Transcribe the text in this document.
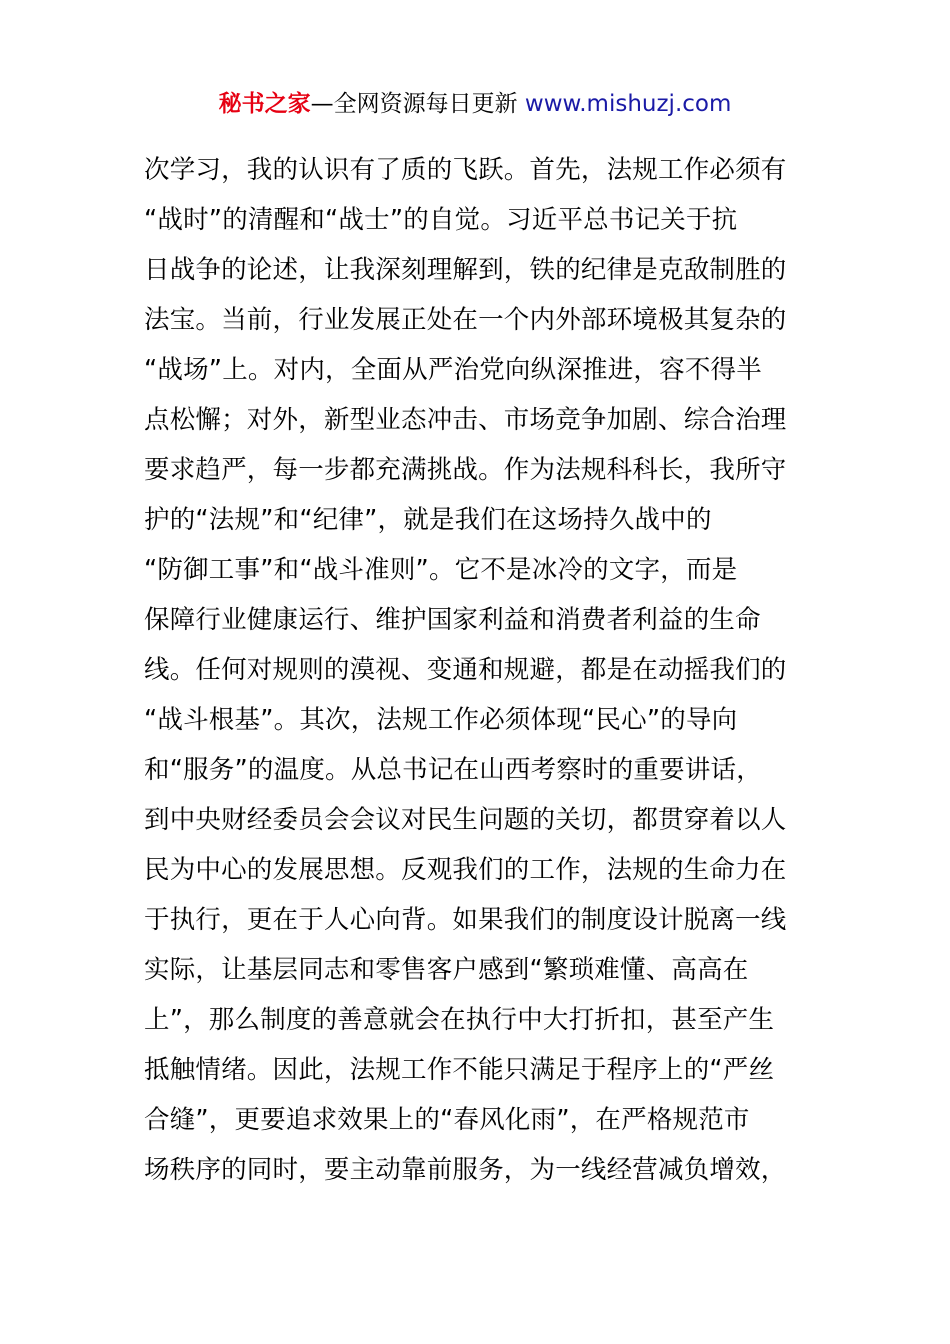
秘书之家—全网资源每日更新 www.mishuzj.com
次学习，我的认识有了质的飞跃。首先，法规工作必须有
“战时”的清醒和“战士”的自觉。习近平总书记关于抗
日战争的论述，让我深刻理解到，铁的纪律是克敌制胜的
法宝。当前，行业发展正处在一个内外部环境极其复杂的
“战场”上。对内，全面从严治党向纵深推进，容不得半
点松懈；对外，新型业态冲击、市场竞争加剧、综合治理
要求趋严，每一步都充满挑战。作为法规科科长，我所守
护的“法规”和“纪律”，就是我们在这场持久战中的
“防御工事”和“战斗准则”。它不是冰冷的文字，而是
保障行业健康运行、维护国家利益和消费者利益的生命
线。任何对规则的漠视、变通和规避，都是在动摇我们的
“战斗根基”。其次，法规工作必须体现“民心”的导向
和“服务”的温度。从总书记在山西考察时的重要讲话，
到中央财经委员会会议对民生问题的关切，都贯穿着以人
民为中心的发展思想。反观我们的工作，法规的生命力在
于执行，更在于人心向背。如果我们的制度设计脱离一线
实际，让基层同志和零售客户感到“繁琐难懂、高高在
上”，那么制度的善意就会在执行中大打折扣，甚至产生
抵触情绪。因此，法规工作不能只满足于程序上的“严丝
合缝”，更要追求效果上的“春风化雨”，在严格规范市
场秩序的同时，要主动靠前服务，为一线经营减负增效，
